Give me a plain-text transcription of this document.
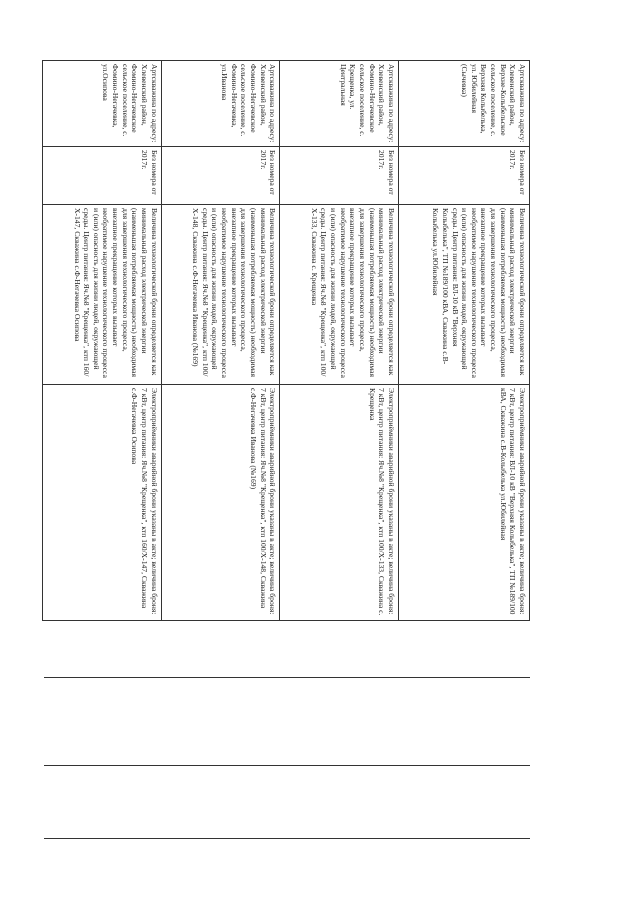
Артскважина по адресу: Хлевенский район, Верхне-Колыбельское сельское поселение, с. Верхняя Колыбелька, ул. Юбилейная (Сычевка)	Без номера от 2017г.	Величина технологической брони определяется как минимальный расход электрической энергии (наименьшая потребляемая мощность) необходимая для завершения технологического процесса, внезапное прекращение которых вызывает необратимое нарушение технологического процесса и (или) опасность для жизни людей, окружающей среды. Центр питания: ВЛ-10 кВ "Верхняя Колыбелька", ТП №189/100 кВА, Скважина с.В-Колыбелька ул.Юбилейная	Электроприёмники аварийной брони указаны в акте; величина броня: 7 кВт, центр питания: ВЛ-10 кВ "Верхняя Колыбелька", ТП №189/100 кВА, Скважина с.В-Колыбелька ул.Юбилейная
Артскважина по адресу: Хлевенский район, Фомино-Негачевское сельское поселение, с. Крещенка, ул. Центральная	Без номера от 2017г.	Величина технологической брони определяется как минимальный расход электрической энергии (наименьшая потребляемая мощность) необходимая для завершения технологического процесса, внезапное прекращение которых вызывает необратимое нарушение технологического процесса и (или) опасность для жизни людей, окружающей среды. Центр питания: Яч.№8 "Крещенка", ктп 100/Х-133, Скважина с. Крещенка	Электроприёмники аварийной брони указаны в акте; величина броня: 7 кВт, центр питания: Яч.№8 "Крещенка", ктп 100/Х-133, Скважина с. Крещенка
Артскважина по адресу: Хлевенский район, Фомино-Негачевское сельское поселение, с. Фомино-Негачевка, ул.Иванова	Без номера от 2017г.	Величина технологической брони определяется как минимальный расход электрической энергии (наименьшая потребляемая мощность) необходимая для завершения технологического процесса, внезапное прекращение которых вызывает необратимое нарушение технологического процесса и (или) опасность для жизни людей, окружающей среды. Центр питания: Яч.№8 "Крещенка", ктп 100/Х-148, Скважина с.Ф-Негачевка Иванова (№169)	Электроприёмники аварийной брони указаны в акте; величина броня: 7 кВт, центр питания: Яч.№8 "Крещенка", ктп 100/Х-148, Скважина с.Ф-Негачевка Иванова (№169)
Артскважина по адресу: Хлевенский район, Фомино-Негачевское сельское поселение, с. Фомино-Негачевка, ул.Осипова	Без номера от 2017г.	Величина технологической брони определяется как минимальный расход электрической энергии (наименьшая потребляемая мощность) необходимая для завершения технологического процесса, внезапное прекращение которых вызывает необратимое нарушение технологического процесса и (или) опасность для жизни людей, окружающей среды. Центр питания: Яч.№8 "Крещенка", ктп 160/Х-147, Скважина с.Ф-Негачевка Осипова	Электроприёмники аварийной брони указаны в акте; величина броня: 7 кВт, центр питания: Яч.№8 "Крещенка", ктп 160/Х-147, Скважина с.Ф-Негачевка Осипова
